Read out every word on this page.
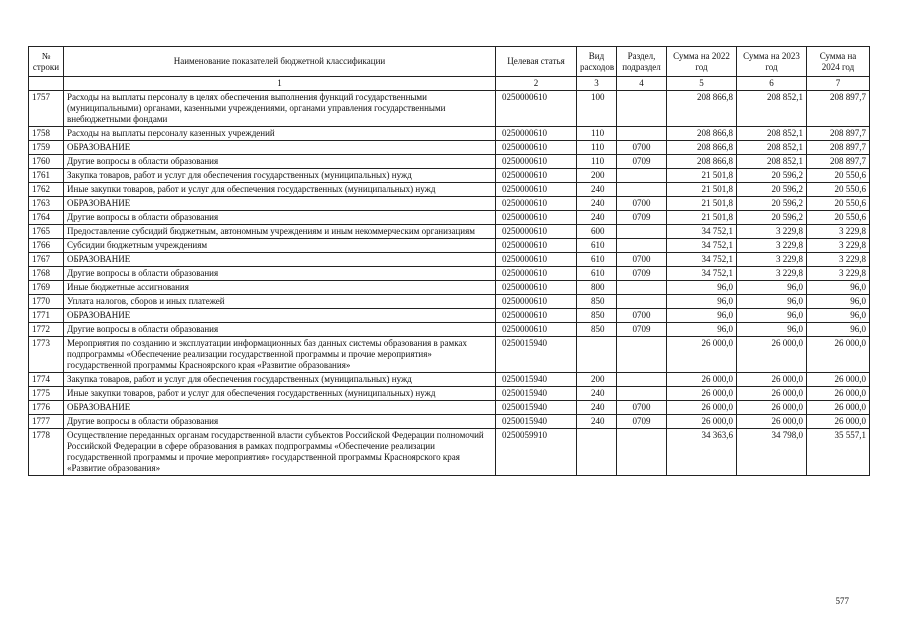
№ строки	Наименование показателей бюджетной классификации	Целевая статья	Вид расходов	Раздел, подраздел	Сумма на 2022 год	Сумма на 2023 год	Сумма на 2024 год
	1	2	3	4	5	6	7
1757	Расходы на выплаты персоналу в целях обеспечения выполнения функций государственными (муниципальными) органами, казенными учреждениями, органами управления государственными внебюджетными фондами	0250000610	100		208 866,8	208 852,1	208 897,7
1758	Расходы на выплаты персоналу казенных учреждений	0250000610	110		208 866,8	208 852,1	208 897,7
1759	ОБРАЗОВАНИЕ	0250000610	110	0700	208 866,8	208 852,1	208 897,7
1760	Другие вопросы в области образования	0250000610	110	0709	208 866,8	208 852,1	208 897,7
1761	Закупка товаров, работ и услуг для обеспечения государственных (муниципальных) нужд	0250000610	200		21 501,8	20 596,2	20 550,6
1762	Иные закупки товаров, работ и услуг для обеспечения государственных (муниципальных) нужд	0250000610	240		21 501,8	20 596,2	20 550,6
1763	ОБРАЗОВАНИЕ	0250000610	240	0700	21 501,8	20 596,2	20 550,6
1764	Другие вопросы в области образования	0250000610	240	0709	21 501,8	20 596,2	20 550,6
1765	Предоставление субсидий бюджетным, автономным учреждениям и иным некоммерческим организациям	0250000610	600		34 752,1	3 229,8	3 229,8
1766	Субсидии бюджетным учреждениям	0250000610	610		34 752,1	3 229,8	3 229,8
1767	ОБРАЗОВАНИЕ	0250000610	610	0700	34 752,1	3 229,8	3 229,8
1768	Другие вопросы в области образования	0250000610	610	0709	34 752,1	3 229,8	3 229,8
1769	Иные бюджетные ассигнования	0250000610	800		96,0	96,0	96,0
1770	Уплата налогов, сборов и иных платежей	0250000610	850		96,0	96,0	96,0
1771	ОБРАЗОВАНИЕ	0250000610	850	0700	96,0	96,0	96,0
1772	Другие вопросы в области образования	0250000610	850	0709	96,0	96,0	96,0
1773	Мероприятия по созданию и эксплуатации информационных баз данных системы образования в рамках подпрограммы «Обеспечение реализации государственной программы и прочие мероприятия» государственной программы Красноярского края «Развитие образования»	0250015940			26 000,0	26 000,0	26 000,0
1774	Закупка товаров, работ и услуг для обеспечения государственных (муниципальных) нужд	0250015940	200		26 000,0	26 000,0	26 000,0
1775	Иные закупки товаров, работ и услуг для обеспечения государственных (муниципальных) нужд	0250015940	240		26 000,0	26 000,0	26 000,0
1776	ОБРАЗОВАНИЕ	0250015940	240	0700	26 000,0	26 000,0	26 000,0
1777	Другие вопросы в области образования	0250015940	240	0709	26 000,0	26 000,0	26 000,0
1778	Осуществление переданных органам государственной власти субъектов Российской Федерации полномочий Российской Федерации в сфере образования в рамках подпрограммы «Обеспечение реализации государственной программы и прочие мероприятия» государственной программы Красноярского края «Развитие образования»	0250059910			34 363,6	34 798,0	35 557,1
577
